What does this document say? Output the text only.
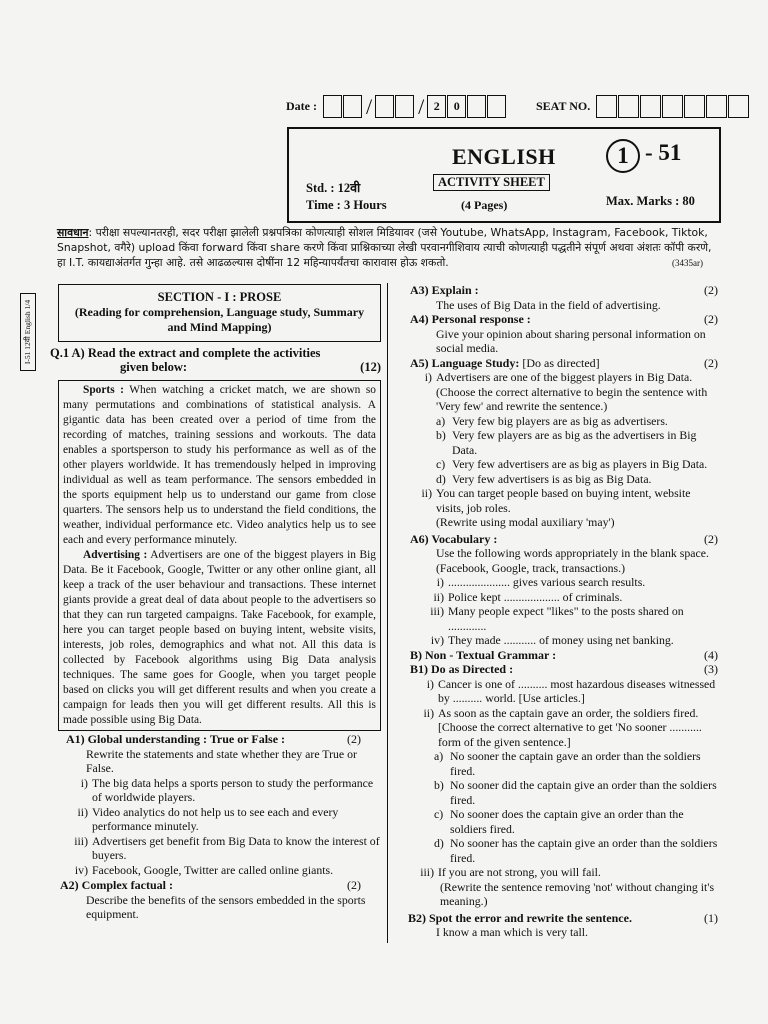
Date : / / 2	0	SEAT NO.
ENGLISH	1 - 51
Std. : 12वी	ACTIVITY SHEET
Time : 3 Hours	(4 Pages)	Max. Marks : 80
सावधान: परीक्षा सपल्यानतरही, सदर परीक्षा झालेली प्रश्नपत्रिका कोणत्याही सोशल मिडियावर (जसे Youtube, WhatsApp, Instagram, Facebook, Tiktok, Snapshot, वगैरे) upload किंवा forward किंवा share करणे किंवा प्राश्निकाच्या लेखी परवानगीशिवाय त्याची कोणत्याही पद्धतीने संपूर्ण अथवा अंशतः कॉपी करणे, हा I.T. कायद्याअंतर्गत गुन्हा आहे. तसे आढळल्यास दोषींना 12 महिन्यापर्यंतचा कारावास होऊ शकतो.	(3435ar)
I-51 12वी English 1/4
SECTION - I : PROSE
(Reading for comprehension, Language study, Summary and Mind Mapping)
Q.1 A) Read the extract and complete the activities
given below:	(12)

Sports : When watching a cricket match, we are shown so many permutations and combinations of statistical analysis. A gigantic data has been created over a period of time from the recording of matches, training sessions and workouts. The data enables a sportsperson to study his performance as well as of the other players worldwide. It has tremendously helped in improving individual as well as team performance. The sensors embedded in the sports equipment help us to understand our game from close quarters. The sensors help us to understand the field conditions, the weather, individual performance etc. Video analytics help us to see each and every performance minutely.

Advertising : Advertisers are one of the biggest players in Big Data. Be it Facebook, Google, Twitter or any other online giant, all keep a track of the user behaviour and transactions. These internet giants provide a great deal of data about people to the advertisers so that they can run targeted campaigns. Take Facebook, for example, here you can target people based on buying intent, website visits, interests, job roles, demographics and what not. All this data is collected by Facebook algorithms using Big Data analysis techniques. The same goes for Google, when you target people based on clicks you will get different results and when you create a campaign for leads then you will get different results. All this is made possible using Big Data.

A1) Global understanding : True or False :	(2)
Rewrite the statements and state whether they are True or False.
i) The big data helps a sports person to study the performance of worldwide players.
ii) Video analytics do not help us to see each and every performance minutely.
iii) Advertisers get benefit from Big Data to know the interest of buyers.
iv) Facebook, Google, Twitter are called online giants.
A2) Complex factual :	(2)
Describe the benefits of the sensors embedded in the sports equipment.
A3) Explain :	(2)
The uses of Big Data in the field of advertising.
A4) Personal response :	(2)
Give your opinion about sharing personal information on social media.
A5) Language Study: [Do as directed]	(2)
i) Advertisers are one of the biggest players in Big Data. (Choose the correct alternative to begin the sentence with 'Very few' and rewrite the sentence.)
a) Very few big players are as big as advertisers.
b) Very few players are as big as the advertisers in Big Data.
c) Very few advertisers are as big as players in Big Data.
d) Very few advertisers is as big as Big Data.
ii) You can target people based on buying intent, website visits, job roles.
(Rewrite using modal auxiliary 'may')
A6) Vocabulary :	(2)
Use the following words appropriately in the blank space. (Facebook, Google, track, transactions.)
i) ..................... gives various search results.
ii) Police kept ................... of criminals.
iii) Many people expect "likes" to the posts shared on .............
iv) They made ........... of money using net banking.
B) Non - Textual Grammar :	(4)
B1) Do as Directed :	(3)
i) Cancer is one of .......... most hazardous diseases witnessed by .......... world. [Use articles.]
ii) As soon as the captain gave an order, the soldiers fired. [Choose the correct alternative to get 'No sooner ........... form of the given sentence.]
a) No sooner the captain gave an order than the soldiers fired.
b) No sooner did the captain give an order than the soldiers fired.
c) No sooner does the captain give an order than the soldiers fired.
d) No sooner has the captain give an order than the soldiers fired.
iii) If you are not strong, you will fail.
(Rewrite the sentence removing 'not' without changing it's meaning.)
B2) Spot the error and rewrite the sentence.	(1)
I know a man which is very tall.
